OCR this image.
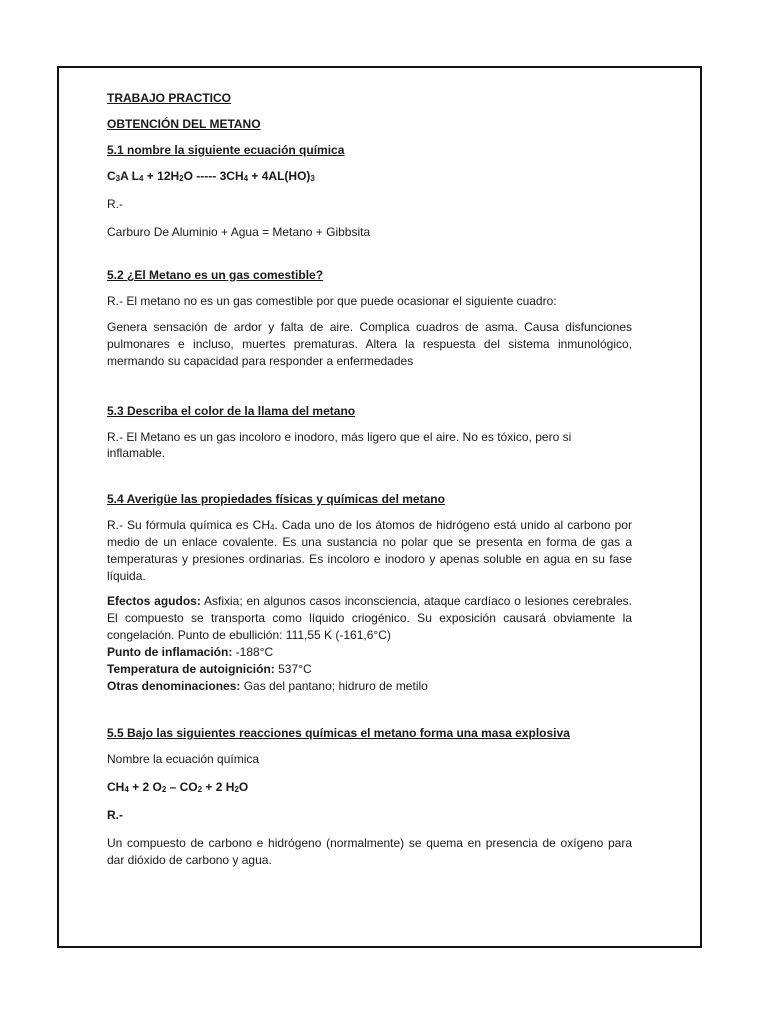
TRABAJO PRACTICO

OBTENCIÓN DEL METANO

5.1 nombre la siguiente ecuación química

$C_3A$ $L_4 + 12H_2O$ ----- $3CH_4 + 4AL(HO)_3$

R.-

Carburo De Aluminio + Agua = Metano + Gibbsita

5.2 ¿El Metano es un gas comestible?

R.- El metano no es un gas comestible por que puede ocasionar el siguiente cuadro:

Genera sensación de ardor y falta de aire. Complica cuadros de asma. Causa disfunciones pulmonares e incluso, muertes prematuras. Altera la respuesta del sistema inmunológico, mermando su capacidad para responder a enfermedades

5.3 Describa el color de la llama del metano

R.- El Metano es un gas incoloro e inodoro, más ligero que el aire. No es tóxico, pero si inflamable.

5.4 Averigüe las propiedades físicas y químicas del metano

R.- Su fórmula química es $CH_4$. Cada uno de los átomos de hidrógeno está unido al carbono por medio de un enlace covalente. Es una sustancia no polar que se presenta en forma de gas a temperaturas y presiones ordinarias. Es incoloro e inodoro y apenas soluble en agua en su fase líquida.

Efectos agudos: Asfixia; en algunos casos inconsciencia, ataque cardíaco o lesiones cerebrales. El compuesto se transporta como líquido criogénico. Su exposición causará obviamente la congelación. Punto de ebullición: 111,55 K (-161,6°C)

Punto de inflamación: -188°C

Temperatura de autoignición: 537°C

Otras denominaciones: Gas del pantano; hidruro de metilo

5.5 Bajo las siguientes reacciones químicas el metano forma una masa explosiva

Nombre la ecuación química

$CH_4 + 2$ $O_2 - CO_2 + 2$ $H_2O$

R.-

Un compuesto de carbono e hidrógeno (normalmente) se quema en presencia de oxígeno para dar dióxido de carbono y agua.
